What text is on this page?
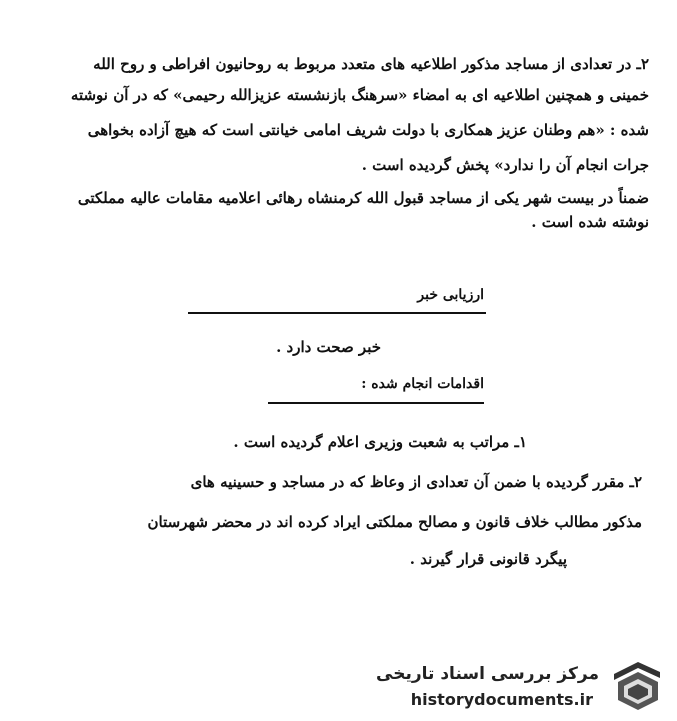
۲ـ در تعدادی از مساجد مذکور اطلاعیه های متعدد مربوط به روحانیون افراطی و روح الله
خمینی و همچنین اطلاعیه ای به امضاء «سرهنگ بازنشسته عزیزالله رحیمی» که در آن نوشته
شده : «هم وطنان عزیز همکاری با دولت شریف امامی خیانتی است که هیچ آزاده بخواهی
جرات انجام آن را ندارد» پخش گردیده است .
ضمناً در بیست شهر یکی از مساجد قبول الله کرمنشاه رهائی اعلامیه مقامات عالیه مملکتی
نوشته شده است .
ارزیابی خبر
خبر صحت دارد .
اقدامات انجام شده :
۱ـ مراتب به شعبت وزیری اعلام گردیده است .
۲ـ مقرر گردیده با ضمن آن تعدادی از وعاظ که در مساجد و حسینیه های
مذکور مطالب خلاف قانون و مصالح مملکتی ایراد کرده اند در محضر شهرستان
پیگرد قانونی قرار گیرند .
مرکز بررسی اسناد تاریخی
historydocuments.ir
